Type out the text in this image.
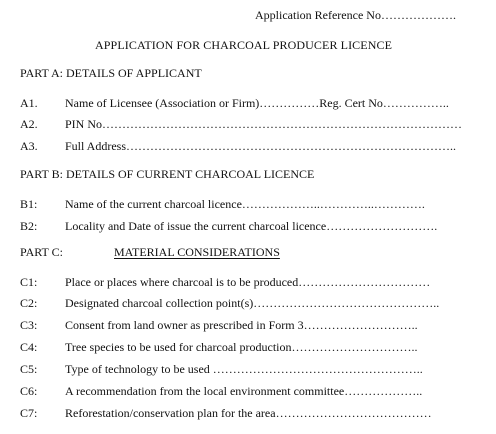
Application Reference No……………….
APPLICATION FOR CHARCOAL PRODUCER LICENCE
PART A: DETAILS OF APPLICANT
A1. Name of Licensee (Association or Firm)……………Reg. Cert No……………..
A2. PIN No………………………………………………………………………………
A3. Full Address………………………………………………………………………..
PART B: DETAILS OF CURRENT CHARCOAL LICENCE
B1: Name of the current charcoal licence………………..…………..………….
B2: Locality and Date of issue the current charcoal licence……………………….
PART C:	MATERIAL CONSIDERATIONS
C1: Place or places where charcoal is to be produced……………………………
C2: Designated charcoal collection point(s)………………………………………..
C3: Consent from land owner as prescribed in Form 3………………………..
C4: Tree species to be used for charcoal production…………………………..
C5: Type of technology to be used ……………………………………………..
C6: A recommendation from the local environment committee………………..
C7: Reforestation/conservation plan for the area…………………………………
